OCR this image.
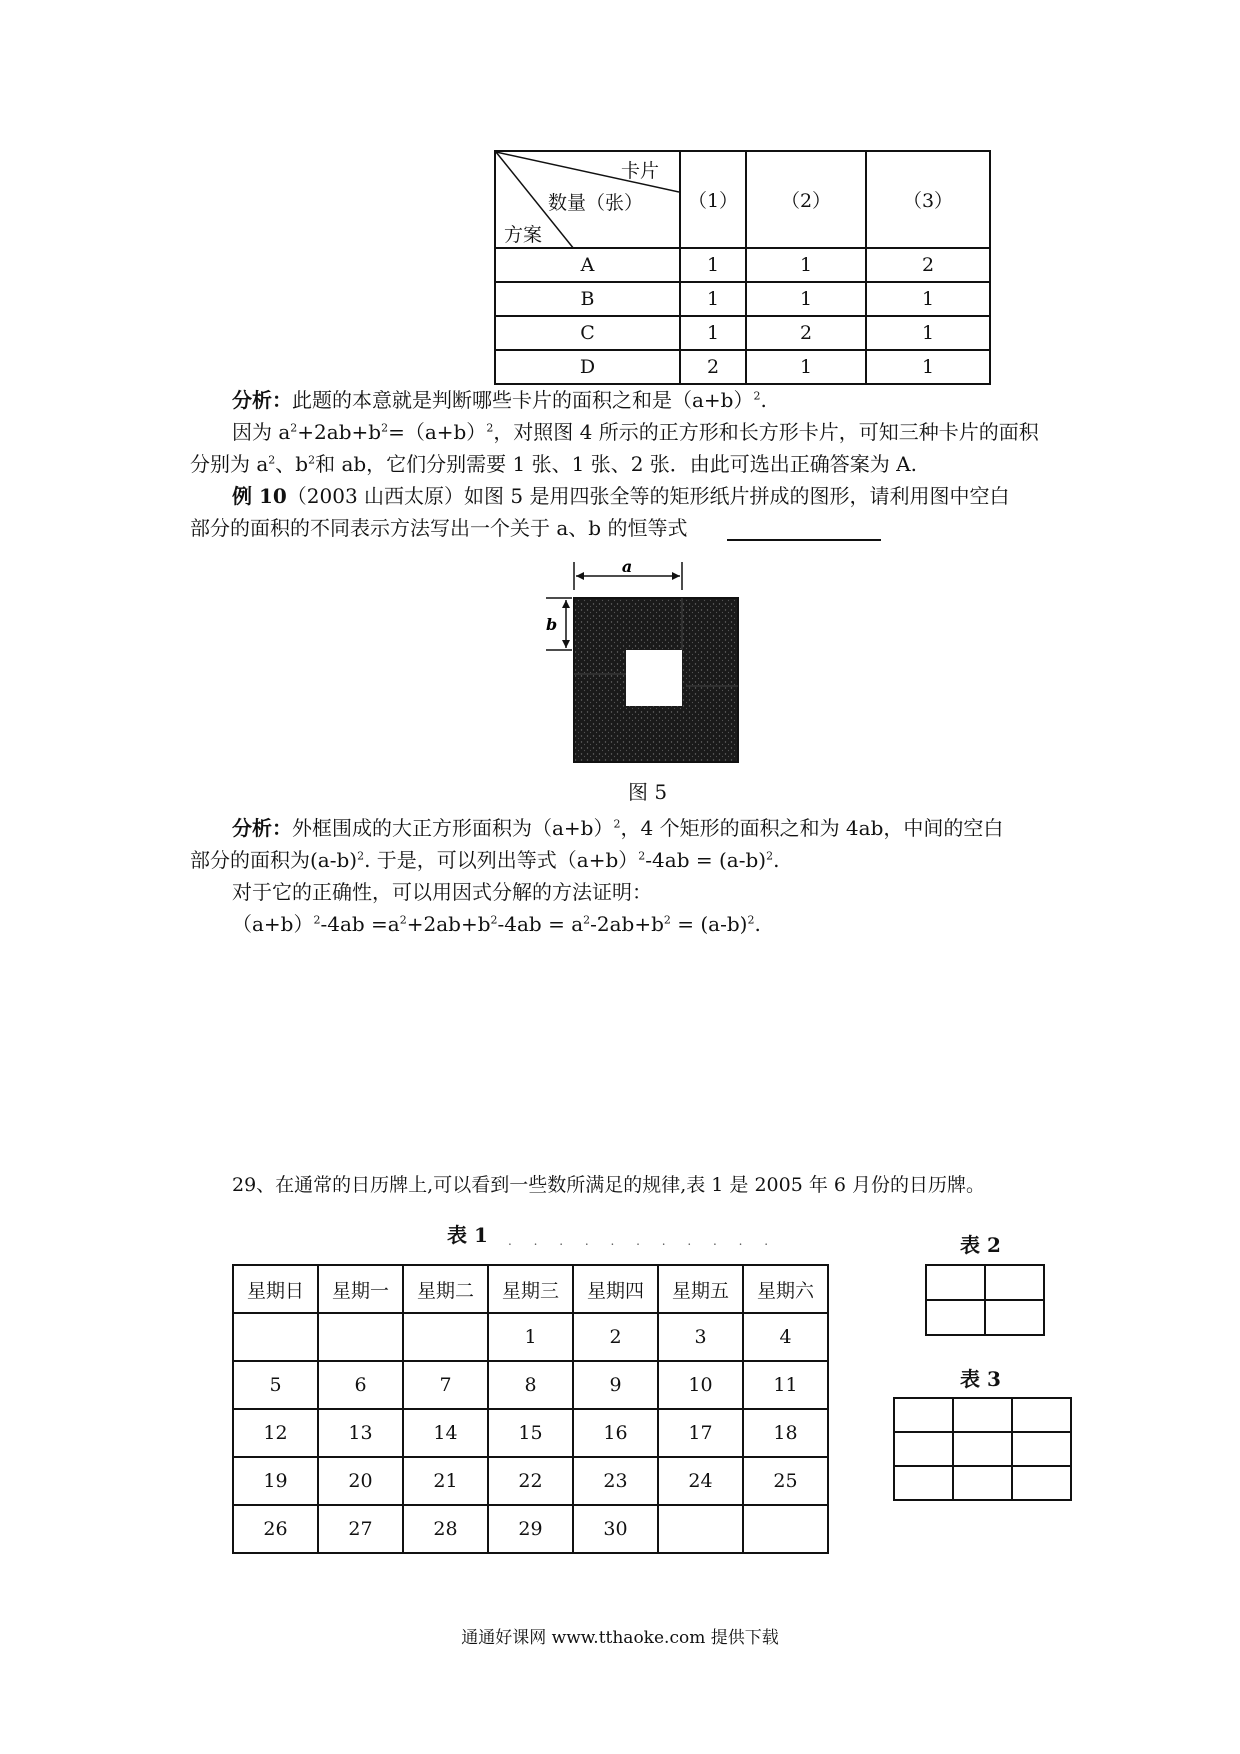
卡片
数量（张）
方案	（1）	（2）	（3）
A	1	1	2
B	1	1	1
C	1	2	1
D	2	1	1
分析：此题的本意就是判断哪些卡片的面积之和是$(a+b)^2$.
因为 $a^2+2ab+b^2=(a+b)^2$，对照图 4 所示的正方形和长方形卡片，可知三种卡片的面积
分别为 $a^2$、$b^2$和 ab，它们分别需要 1 张、1 张、2 张．由此可选出正确答案为 A.
例 10（2003 山西太原）如图 5 是用四张全等的矩形纸片拼成的图形，请利用图中空白
部分的面积的不同表示方法写出一个关于 a、b 的恒等式
a
b
图 5
分析：外框围成的大正方形面积为$(a+b)^2$，4 个矩形的面积之和为 4ab，中间的空白
部分的面积为$(a-b)^2$. 于是，可以列出等式$(a+b)^2-4ab = (a-b)^2$.
对于它的正确性，可以用因式分解的方法证明：
$(a+b)^2-4ab =a^2+2ab+b^2-4ab = a^2-2ab+b^2 = (a-b)^2$.
29、在通常的日历牌上,可以看到一些数所满足的规律,表 1 是 2005 年 6 月份的日历牌。
表 1 . . . . . . . . . . .
星期日	星期一	星期二	星期三	星期四	星期五	星期六
			1	2	3	4
5	6	7	8	9	10	11
12	13	14	15	16	17	18
19	20	21	22	23	24	25
26	27	28	29	30		
表 2

表 3

通通好课网 www.tthaoke.com 提供下载
